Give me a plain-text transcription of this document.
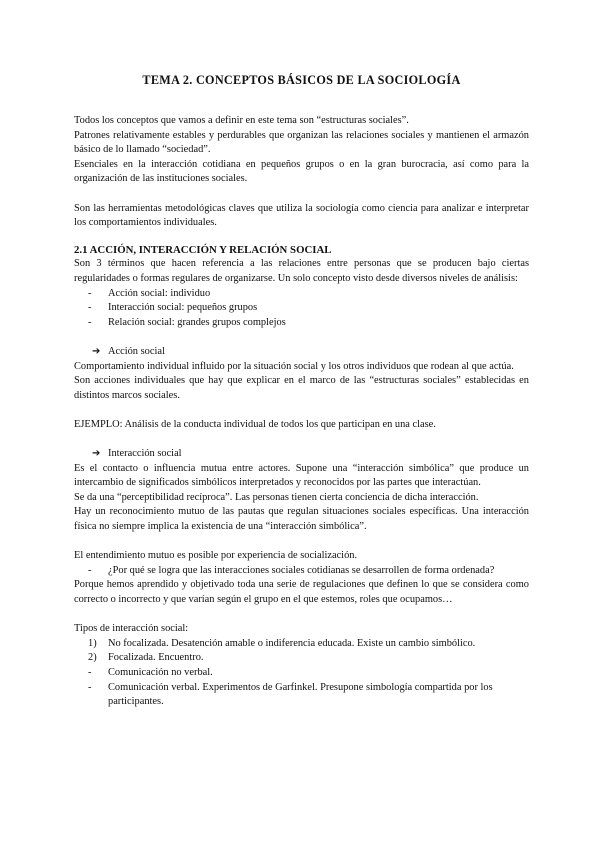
TEMA 2. CONCEPTOS BÁSICOS DE LA SOCIOLOGÍA

Todos los conceptos que vamos a definir en este tema son “estructuras sociales”.

Patrones relativamente estables y perdurables que organizan las relaciones sociales y mantienen el armazón básico de lo llamado “sociedad”.

Esenciales en la interacción cotidiana en pequeños grupos o en la gran burocracia, así como para la organización de las instituciones sociales.

Son las herramientas metodológicas claves que utiliza la sociología como ciencia para analizar e interpretar los comportamientos individuales.

2.1 ACCIÓN, INTERACCIÓN Y RELACIÓN SOCIAL

Son 3 términos que hacen referencia a las relaciones entre personas que se producen bajo ciertas regularidades o formas regulares de organizarse. Un solo concepto visto desde diversos niveles de análisis:

- Acción social: individuo
- Interacción social: pequeños grupos
- Relación social: grandes grupos complejos
➔ Acción social

Comportamiento individual influido por la situación social y los otros individuos que rodean al que actúa.

Son acciones individuales que hay que explicar en el marco de las “estructuras sociales” establecidas en distintos marcos sociales.

EJEMPLO: Análisis de la conducta individual de todos los que participan en una clase.

➔ Interacción social

Es el contacto o influencia mutua entre actores. Supone una “interacción simbólica” que produce un intercambio de significados simbólicos interpretados y reconocidos por las partes que interactúan.

Se da una “perceptibilidad recíproca”. Las personas tienen cierta conciencia de dicha interacción.

Hay un reconocimiento mutuo de las pautas que regulan situaciones sociales específicas. Una interacción física no siempre implica la existencia de una “interacción simbólica”.

El entendimiento mutuo es posible por experiencia de socialización.

- ¿Por qué se logra que las interacciones sociales cotidianas se desarrollen de forma ordenada?

Porque hemos aprendido y objetivado toda una serie de regulaciones que definen lo que se considera como correcto o incorrecto y que varían según el grupo en el que estemos, roles que ocupamos…

Tipos de interacción social:

1) No focalizada. Desatención amable o indiferencia educada. Existe un cambio simbólico.
2) Focalizada. Encuentro.
- Comunicación no verbal.
- Comunicación verbal. Experimentos de Garfinkel. Presupone simbología compartida por los participantes.
